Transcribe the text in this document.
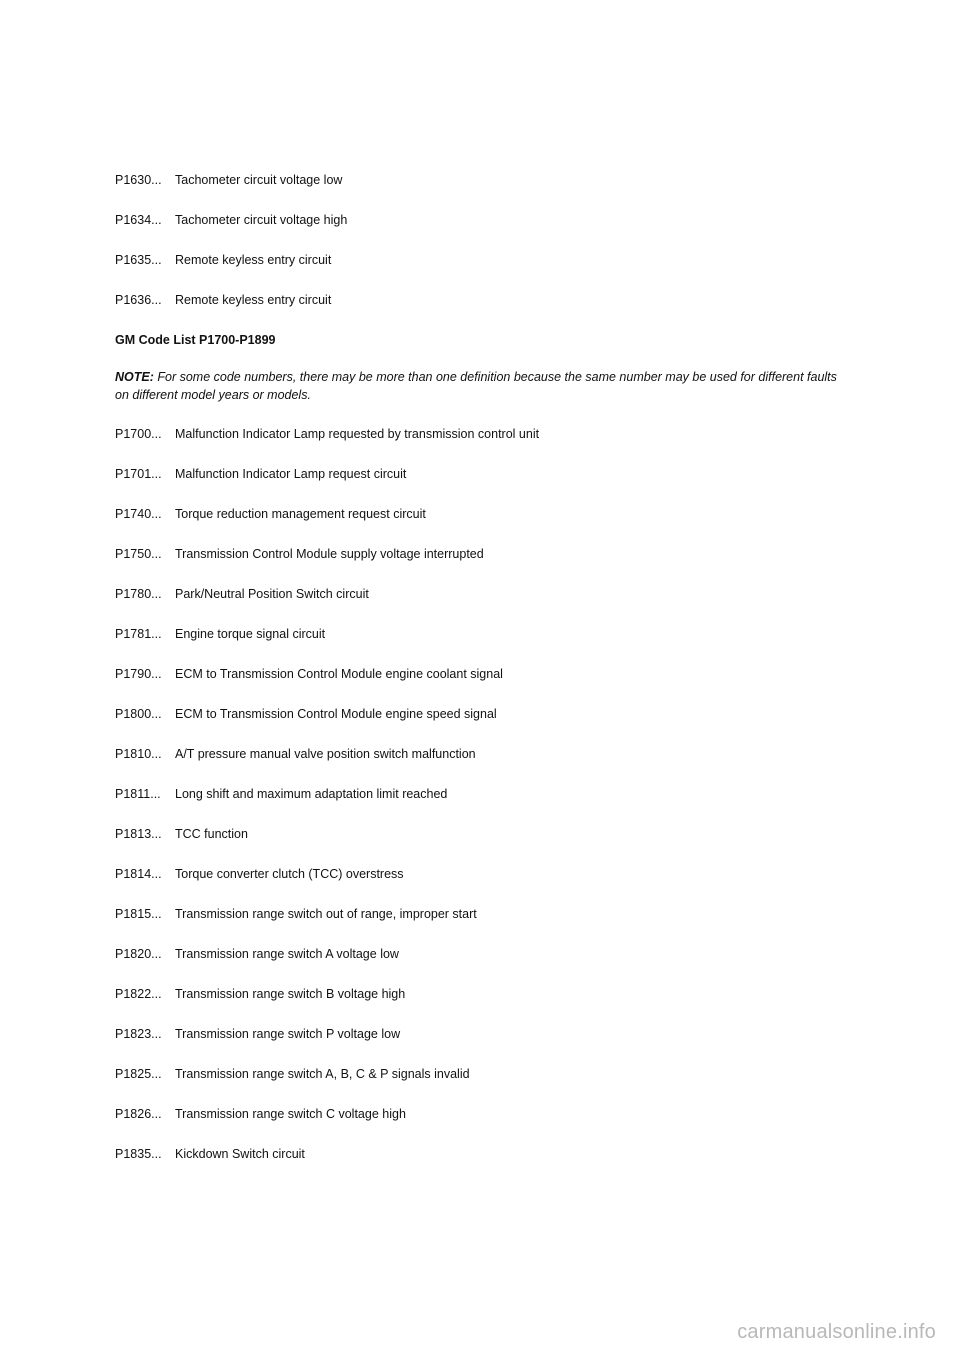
P1630...	Tachometer circuit voltage low
P1634...	Tachometer circuit voltage high
P1635...	Remote keyless entry circuit
P1636...	Remote keyless entry circuit
GM Code List P1700-P1899
NOTE: For some code numbers, there may be more than one definition because the same number may be used for different faults on different model years or models.
P1700...	Malfunction Indicator Lamp requested by transmission control unit
P1701...	Malfunction Indicator Lamp request circuit
P1740...	Torque reduction management request circuit
P1750...	Transmission Control Module supply voltage interrupted
P1780...	Park/Neutral Position Switch circuit
P1781...	Engine torque signal circuit
P1790...	ECM to Transmission Control Module engine coolant signal
P1800...	ECM to Transmission Control Module engine speed signal
P1810...	A/T pressure manual valve position switch malfunction
P1811...	Long shift and maximum adaptation limit reached
P1813...	TCC function
P1814...	Torque converter clutch (TCC) overstress
P1815...	Transmission range switch out of range, improper start
P1820...	Transmission range switch A voltage low
P1822...	Transmission range switch B voltage high
P1823...	Transmission range switch P voltage low
P1825...	Transmission range switch A, B, C & P signals invalid
P1826...	Transmission range switch C voltage high
P1835...	Kickdown Switch circuit
carmanualsonline.info
